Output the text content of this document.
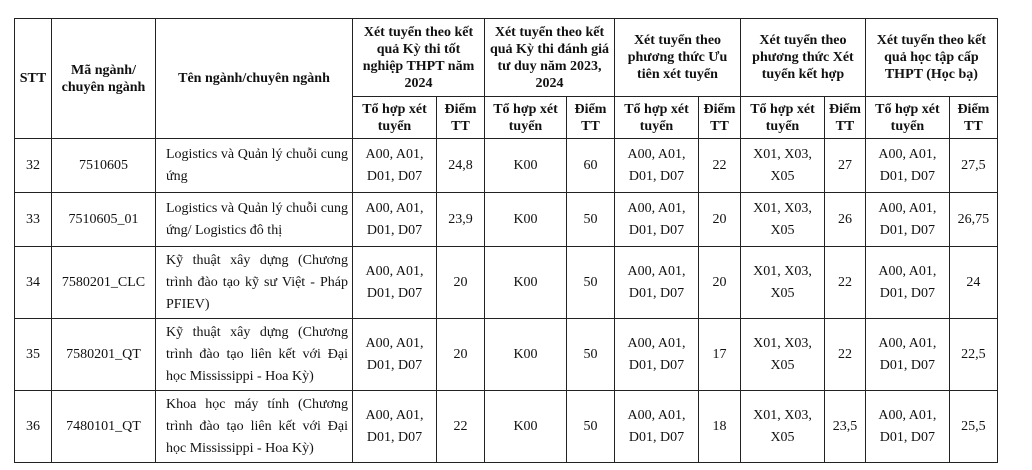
STT	Mã ngành/ chuyên ngành	Tên ngành/chuyên ngành	Xét tuyển theo kết quả Kỳ thi tốt nghiệp THPT năm 2024		Xét tuyển theo kết quả Kỳ thi đánh giá tư duy năm 2023, 2024		Xét tuyển theo phương thức Ưu tiên xét tuyển		Xét tuyển theo phương thức Xét tuyển kết hợp		Xét tuyển theo kết quả học tập cấp THPT (Học bạ)	
			Tổ hợp xét tuyển	Điểm TT	Tổ hợp xét tuyển	Điểm TT	Tổ hợp xét tuyển	Điểm TT	Tổ hợp xét tuyển	Điểm TT	Tổ hợp xét tuyển	Điểm TT
32	7510605	Logistics và Quản lý chuỗi cung ứng	A00, A01, D01, D07	24,8	K00	60	A00, A01, D01, D07	22	X01, X03, X05	27	A00, A01, D01, D07	27,5
33	7510605_01	Logistics và Quản lý chuỗi cung ứng/ Logistics đô thị	A00, A01, D01, D07	23,9	K00	50	A00, A01, D01, D07	20	X01, X03, X05	26	A00, A01, D01, D07	26,75
34	7580201_CLC	Kỹ thuật xây dựng (Chương trình đào tạo kỹ sư Việt - Pháp PFIEV)	A00, A01, D01, D07	20	K00	50	A00, A01, D01, D07	20	X01, X03, X05	22	A00, A01, D01, D07	24
35	7580201_QT	Kỹ thuật xây dựng (Chương trình đào tạo liên kết với Đại học Mississippi - Hoa Kỳ)	A00, A01, D01, D07	20	K00	50	A00, A01, D01, D07	17	X01, X03, X05	22	A00, A01, D01, D07	22,5
36	7480101_QT	Khoa học máy tính (Chương trình đào tạo liên kết với Đại học Mississippi - Hoa Kỳ)	A00, A01, D01, D07	22	K00	50	A00, A01, D01, D07	18	X01, X03, X05	23,5	A00, A01, D01, D07	25,5
